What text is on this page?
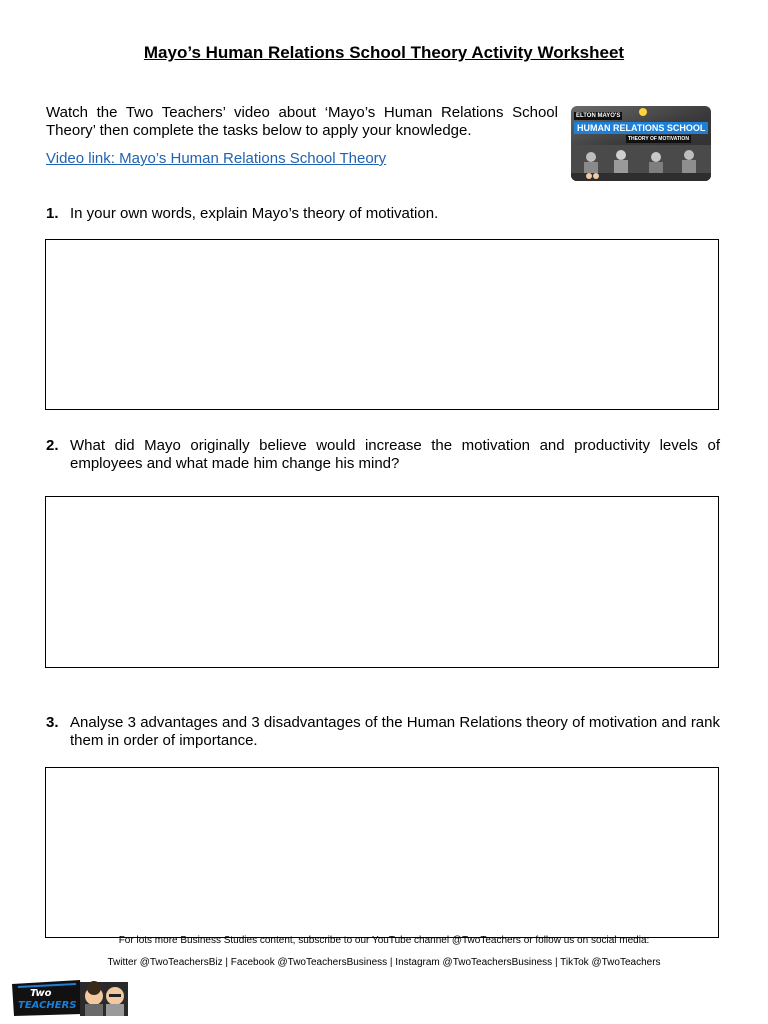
Mayo’s Human Relations School Theory Activity Worksheet
Watch the Two Teachers’ video about ‘Mayo’s Human Relations School Theory’ then complete the tasks below to apply your knowledge.
Video link: Mayo’s Human Relations School Theory
ELTON MAYO'S
HUMAN RELATIONS SCHOOL
THEORY OF MOTIVATION
1. In your own words, explain Mayo’s theory of motivation.
2. What did Mayo originally believe would increase the motivation and productivity levels of employees and what made him change his mind?
3. Analyse 3 advantages and 3 disadvantages of the Human Relations theory of motivation and rank them in order of importance.
For lots more Business Studies content, subscribe to our YouTube channel @TwoTeachers or follow us on social media:
Twitter @TwoTeachersBiz | Facebook @TwoTeachersBusiness | Instagram @TwoTeachersBusiness | TikTok @TwoTeachers
Two
TEACHERS
